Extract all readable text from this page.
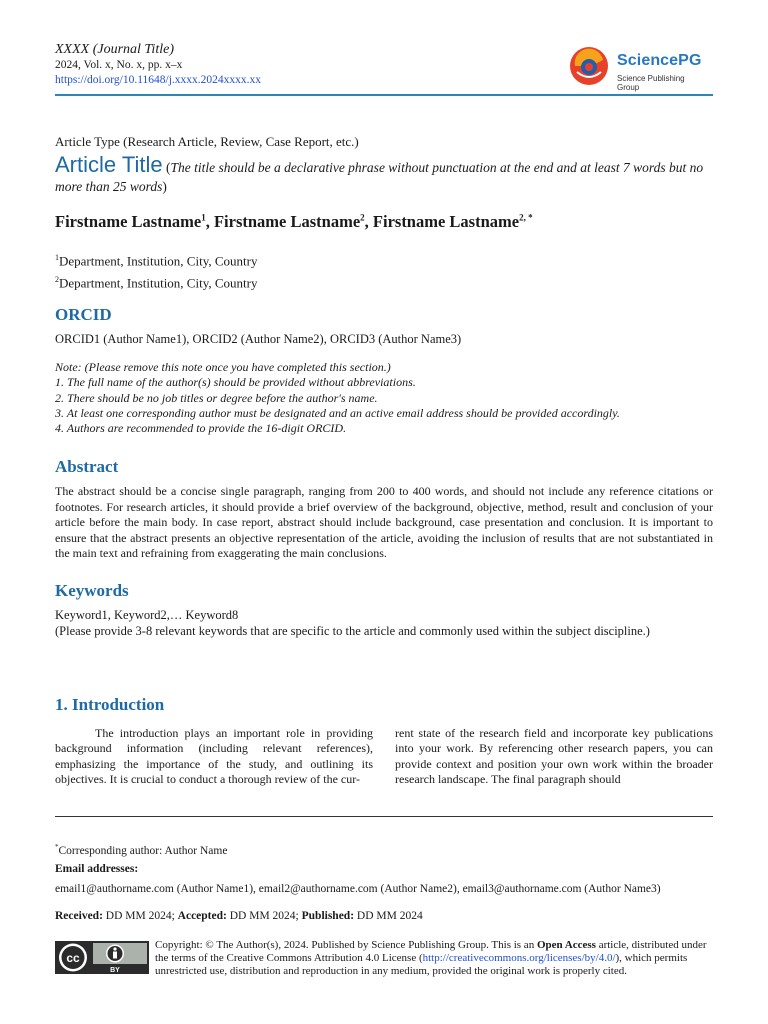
XXXX (Journal Title)
2024, Vol. x, No. x, pp. x–x
https://doi.org/10.11648/j.xxxx.2024xxxx.xx
SciencePG
Science Publishing Group
Article Type (Research Article, Review, Case Report, etc.)
Article Title (The title should be a declarative phrase without punctuation at the end and at least 7 words but no more than 25 words)
Firstname Lastname$^1$, Firstname Lastname$^2$, Firstname Lastname$^{2, *}$
$^1$Department, Institution, City, Country
$^2$Department, Institution, City, Country
ORCID
ORCID1 (Author Name1), ORCID2 (Author Name2), ORCID3 (Author Name3)
Note: (Please remove this note once you have completed this section.)
1. The full name of the author(s) should be provided without abbreviations.
2. There should be no job titles or degree before the author's name.
3. At least one corresponding author must be designated and an active email address should be provided accordingly.
4. Authors are recommended to provide the 16-digit ORCID.
Abstract
The abstract should be a concise single paragraph, ranging from 200 to 400 words, and should not include any reference citations or footnotes. For research articles, it should provide a brief overview of the background, objective, method, result and conclusion of your article before the main body. In case report, abstract should include background, case presentation and conclusion. It is important to ensure that the abstract presents an objective representation of the article, avoiding the inclusion of results that are not substantiated in the main text and refraining from exaggerating the main conclusions.
Keywords
Keyword1, Keyword2,… Keyword8
(Please provide 3-8 relevant keywords that are specific to the article and commonly used within the subject discipline.)
1. Introduction
The introduction plays an important role in providing background information (including relevant references), emphasizing the importance of the study, and outlining its objectives. It is crucial to conduct a thorough review of the cur-
rent state of the research field and incorporate key publications into your work. By referencing other research papers, you can provide context and position your own work within the broader research landscape. The final paragraph should
*Corresponding author: Author Name
Email addresses:
email1@authorname.com (Author Name1), email2@authorname.com (Author Name2), email3@authorname.com (Author Name3)
Received: DD MM 2024; Accepted: DD MM 2024; Published: DD MM 2024
cc
BY
Copyright: © The Author(s), 2024. Published by Science Publishing Group. This is an Open Access article, distributed under the terms of the Creative Commons Attribution 4.0 License (http://creativecommons.org/licenses/by/4.0/), which permits unrestricted use, distribution and reproduction in any medium, provided the original work is properly cited.
